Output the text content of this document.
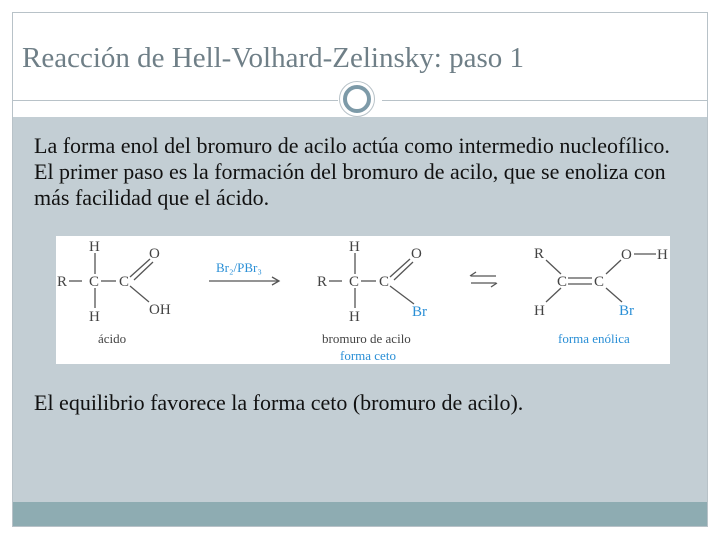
Reacción de Hell-Volhard-Zelinsky: paso 1
La forma enol del bromuro de acilo actúa como intermedio nucleofílico. El primer paso es la formación del bromuro de acilo, que se enoliza con más facilidad que el ácido.
H
R C C
O
OH
H
ácido
Br₂/PBr₃
H
R C C
O
Br
H
bromuro de acilo
forma ceto
R	O H
C C
H	Br
forma enólica
El equilibrio favorece la forma ceto (bromuro de acilo).
